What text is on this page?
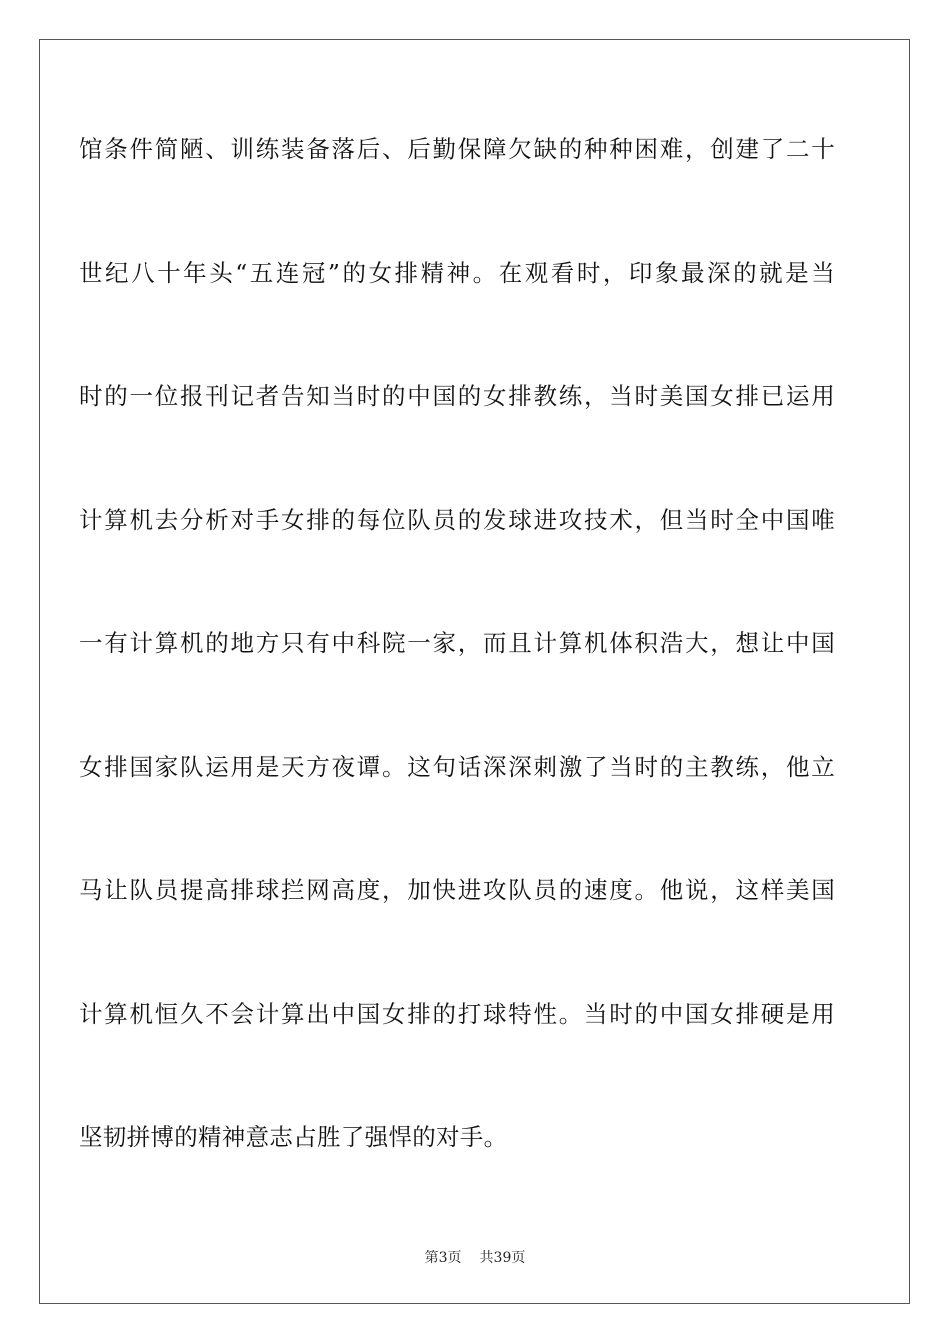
馆条件简陋、训练装备落后、后勤保障欠缺的种种困难，创建了二十
世纪八十年头“五连冠”的女排精神。在观看时，印象最深的就是当
时的一位报刊记者告知当时的中国的女排教练，当时美国女排已运用
计算机去分析对手女排的每位队员的发球进攻技术，但当时全中国唯
一有计算机的地方只有中科院一家，而且计算机体积浩大，想让中国
女排国家队运用是天方夜谭。这句话深深刺激了当时的主教练，他立
马让队员提高排球拦网高度，加快进攻队员的速度。他说，这样美国
计算机恒久不会计算出中国女排的打球特性。当时的中国女排硬是用
坚韧拼博的精神意志占胜了强悍的对手。
第3页 共39页
